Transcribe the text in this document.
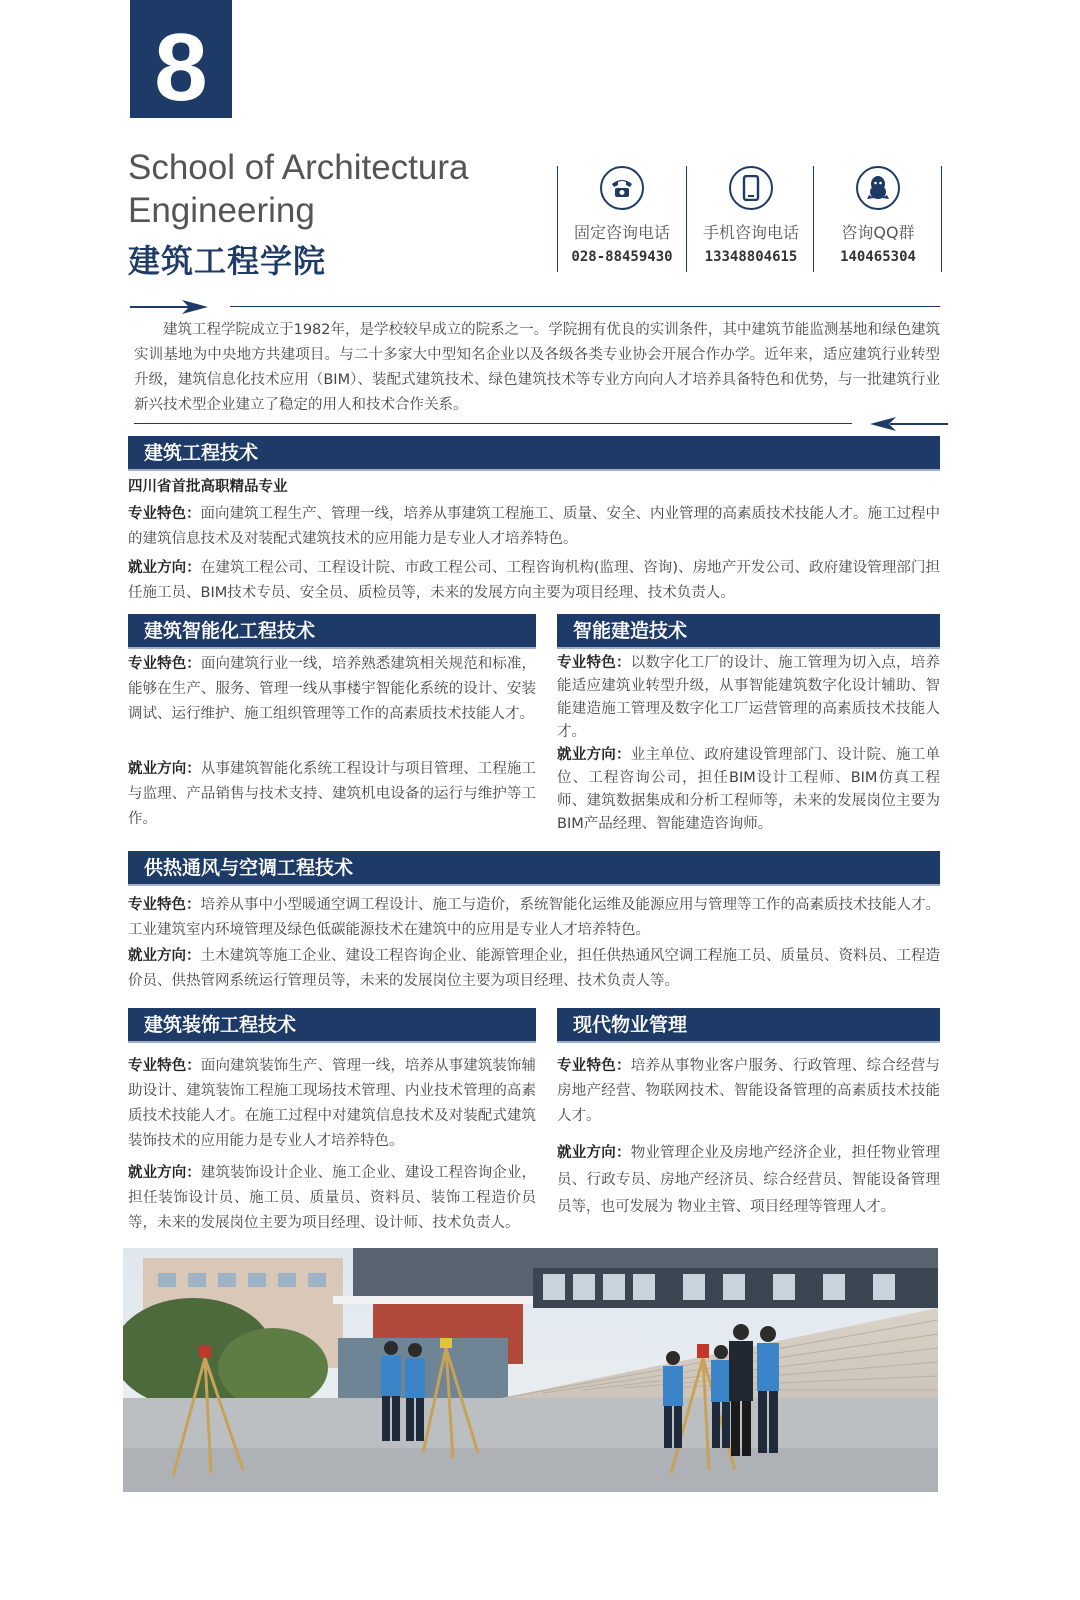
8
School of Architectura Engineering
建筑工程学院
固定咨询电话
028-88459430
手机咨询电话
13348804615
咨询QQ群
140465304
建筑工程学院成立于1982年，是学校较早成立的院系之一。学院拥有优良的实训条件，其中建筑节能监测基地和绿色建筑实训基地为中央地方共建项目。与二十多家大中型知名企业以及各级各类专业协会开展合作办学。近年来，适应建筑行业转型升级，建筑信息化技术应用（BIM）、装配式建筑技术、绿色建筑技术等专业方向向人才培养具备特色和优势，与一批建筑行业新兴技术型企业建立了稳定的用人和技术合作关系。
建筑工程技术
四川省首批高职精品专业
专业特色：面向建筑工程生产、管理一线，培养从事建筑工程施工、质量、安全、内业管理的高素质技术技能人才。施工过程中的建筑信息技术及对装配式建筑技术的应用能力是专业人才培养特色。
就业方向：在建筑工程公司、工程设计院、市政工程公司、工程咨询机构(监理、咨询)、房地产开发公司、政府建设管理部门担任施工员、BIM技术专员、安全员、质检员等，未来的发展方向主要为项目经理、技术负责人。
建筑智能化工程技术
专业特色：面向建筑行业一线，培养熟悉建筑相关规范和标准，能够在生产、服务、管理一线从事楼宇智能化系统的设计、安装调试、运行维护、施工组织管理等工作的高素质技术技能人才。
就业方向：从事建筑智能化系统工程设计与项目管理、工程施工与监理、产品销售与技术支持、建筑机电设备的运行与维护等工作。
智能建造技术
专业特色：以数字化工厂的设计、施工管理为切入点，培养能适应建筑业转型升级，从事智能建筑数字化设计辅助、智能建造施工管理及数字化工厂运营管理的高素质技术技能人才。
就业方向：业主单位、政府建设管理部门、设计院、施工单位、工程咨询公司，担任BIM设计工程师、BIM仿真工程师、建筑数据集成和分析工程师等，未来的发展岗位主要为BIM产品经理、智能建造咨询师。
供热通风与空调工程技术
专业特色：培养从事中小型暖通空调工程设计、施工与造价，系统智能化运维及能源应用与管理等工作的高素质技术技能人才。工业建筑室内环境管理及绿色低碳能源技术在建筑中的应用是专业人才培养特色。
就业方向：土木建筑等施工企业、建设工程咨询企业、能源管理企业，担任供热通风空调工程施工员、质量员、资料员、工程造价员、供热管网系统运行管理员等，未来的发展岗位主要为项目经理、技术负责人等。
建筑装饰工程技术
专业特色：面向建筑装饰生产、管理一线，培养从事建筑装饰辅助设计、建筑装饰工程施工现场技术管理、内业技术管理的高素质技术技能人才。在施工过程中对建筑信息技术及对装配式建筑装饰技术的应用能力是专业人才培养特色。
就业方向：建筑装饰设计企业、施工企业、建设工程咨询企业，担任装饰设计员、施工员、质量员、资料员、装饰工程造价员等，未来的发展岗位主要为项目经理、设计师、技术负责人。
现代物业管理
专业特色：培养从事物业客户服务、行政管理、综合经营与房地产经营、物联网技术、智能设备管理的高素质技术技能人才。
就业方向：物业管理企业及房地产经济企业，担任物业管理员、行政专员、房地产经济员、综合经营员、智能设备管理员等，也可发展为 物业主管、项目经理等管理人才。
